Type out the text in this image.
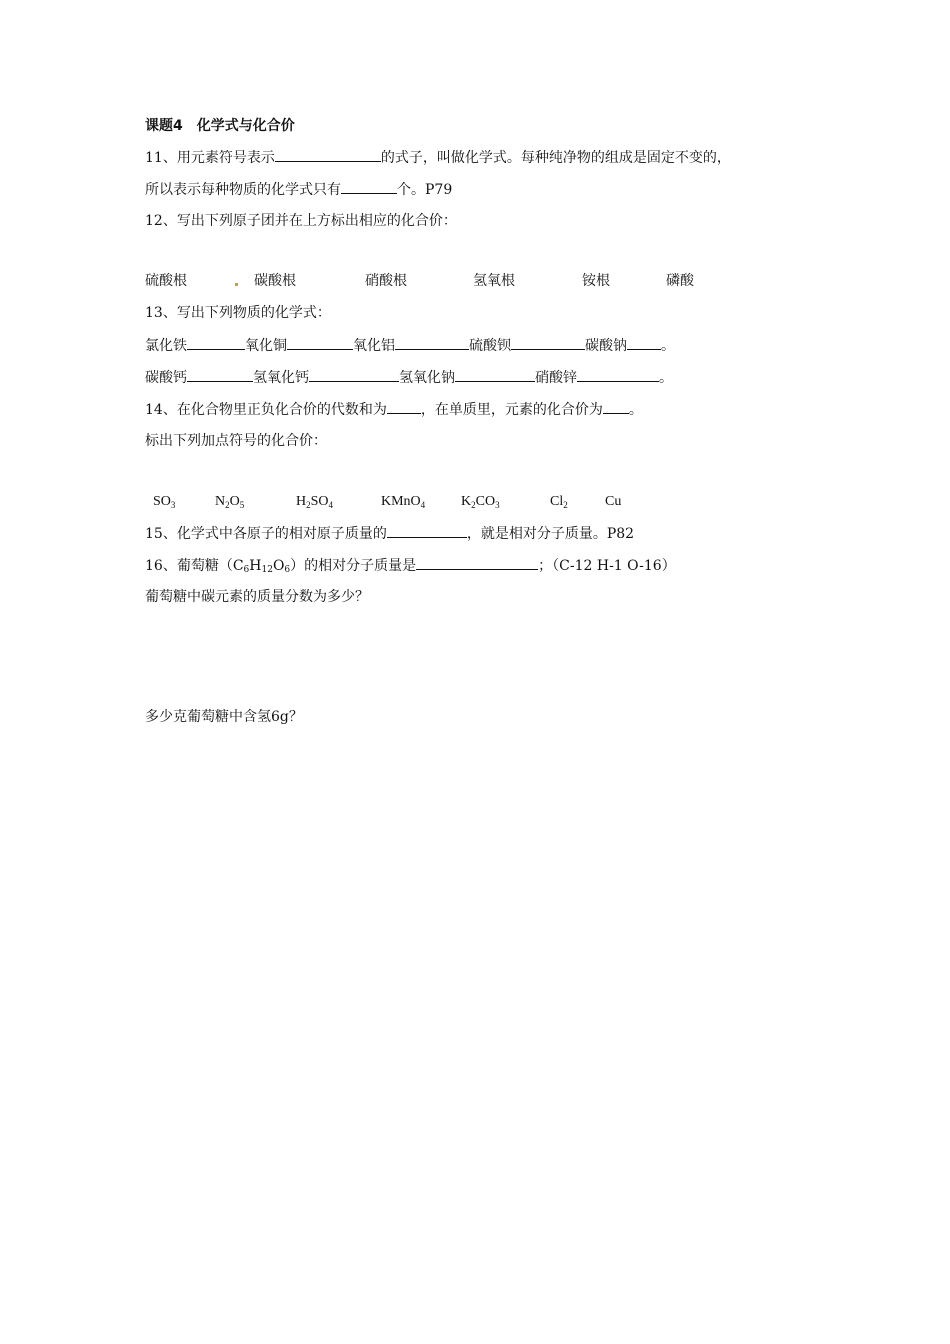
课题4　化学式与化合价
11、用元素符号表示	的式子，叫做化学式。每种纯净物的组成是固定不变的，
所以表示每种物质的化学式只有	个。P79
12、写出下列原子团并在上方标出相应的化合价：
硫酸根	碳酸根	硝酸根	氢氧根	铵根	磷酸
13、写出下列物质的化学式：
氯化铁	氧化铜	氧化铝	硫酸钡	碳酸钠 。
碳酸钙	氢氧化钙	氢氧化钠	硝酸锌	。
14、在化合物里正负化合价的代数和为 ，在单质里，元素的化合价为 。
标出下列加点符号的化合价：
$SO_3$	$N_2O_5$	$H_2SO_4$	KMnO$_4$	$K_2CO_3$	$Cl_2$	Cu
15、化学式中各原子的相对原子质量的	，就是相对分子质量。P82
16、葡萄糖（C6H12O6）的相对分子质量是	；（C-12 H-1 O-16）
葡萄糖中碳元素的质量分数为多少？
多少克葡萄糖中含氢6g？
